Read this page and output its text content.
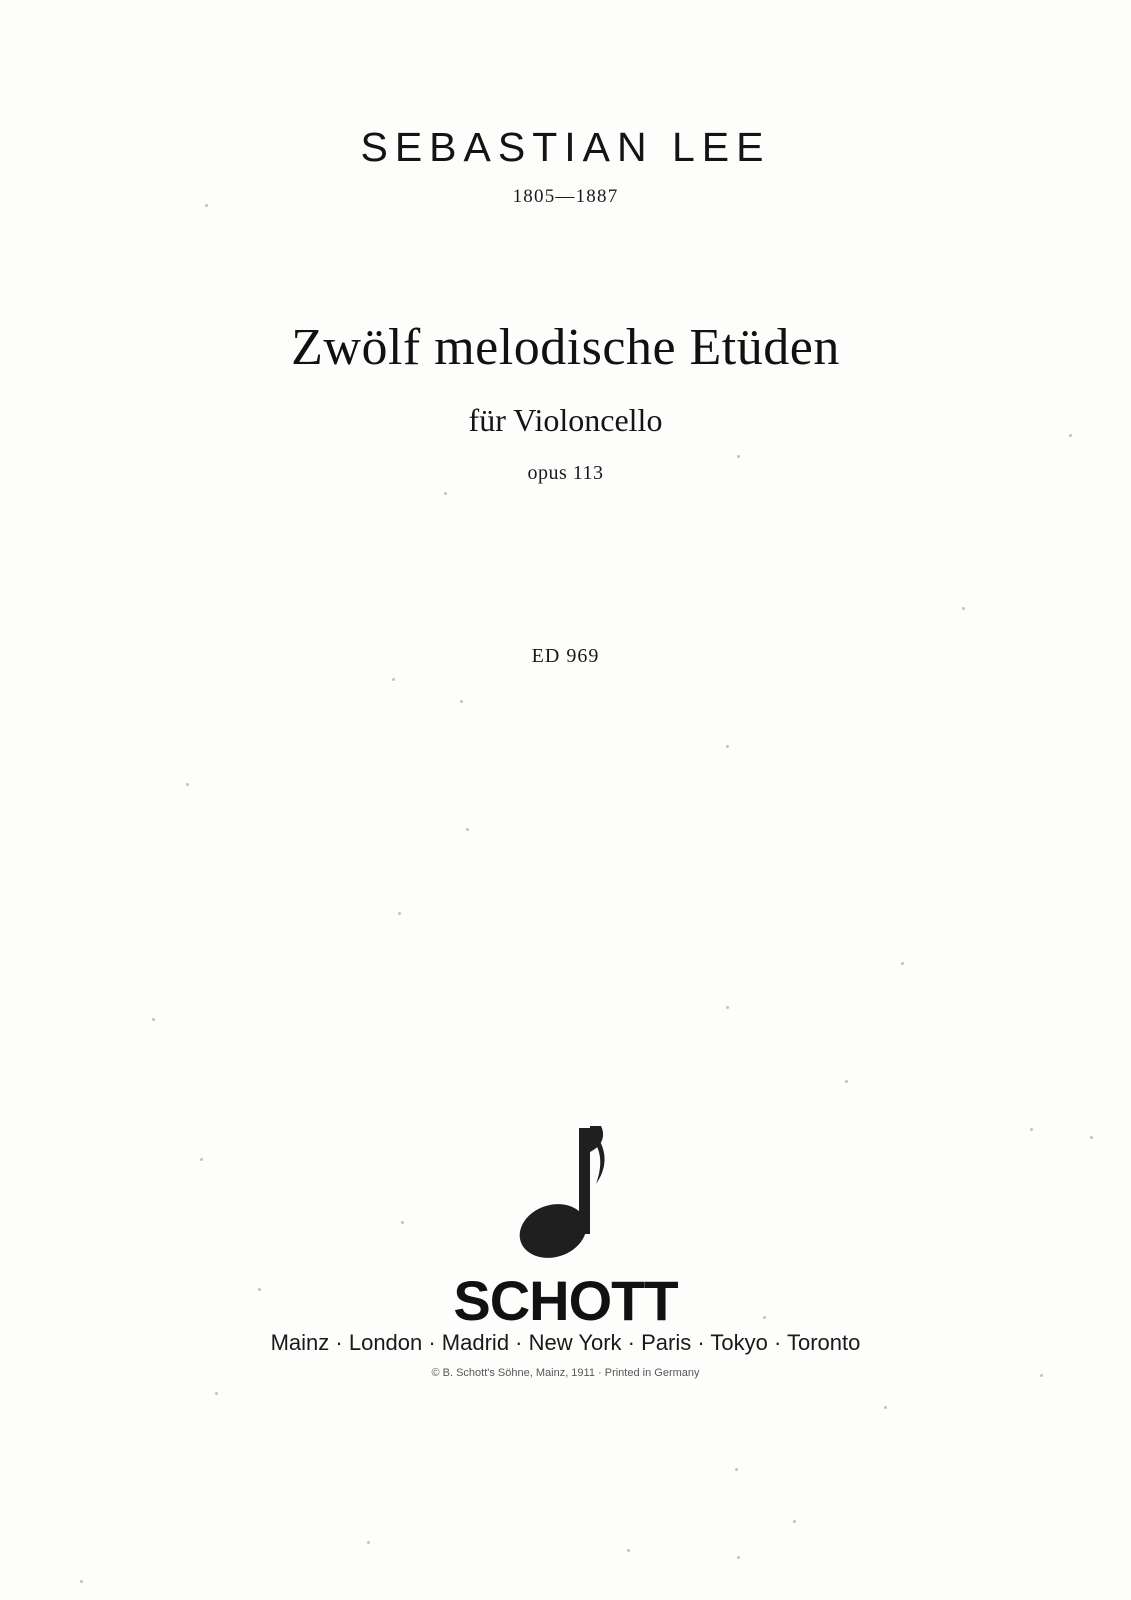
SEBASTIAN LEE
1805—1887
Zwölf melodische Etüden
für Violoncello
opus 113
ED 969
SCHOTT
Mainz · London · Madrid · New York · Paris · Tokyo · Toronto
© B. Schott's Söhne, Mainz, 1911 · Printed in Germany
